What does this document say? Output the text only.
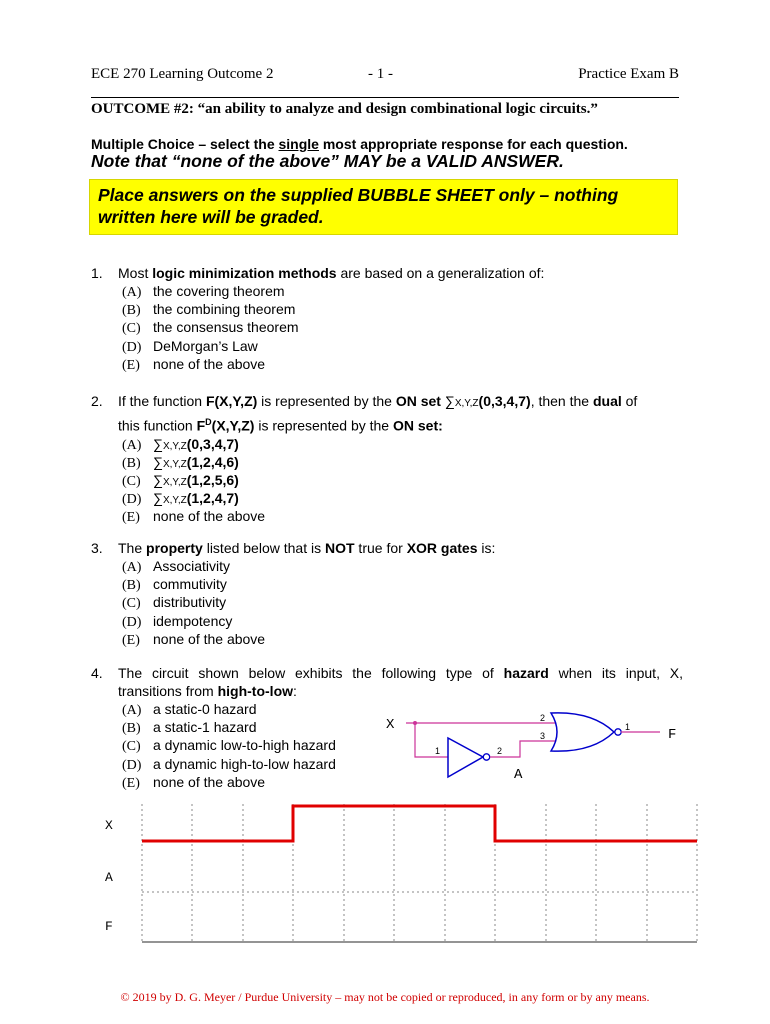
ECE 270 Learning Outcome 2	- 1 -	Practice Exam B
OUTCOME #2: “an ability to analyze and design combinational logic circuits.”
Multiple Choice – select the single most appropriate response for each question.
Note that “none of the above” MAY be a VALID ANSWER.
Place answers on the supplied BUBBLE SHEET only – nothing
written here will be graded.
1. Most logic minimization methods are based on a generalization of:
(A) the covering theorem
(B) the combining theorem
(C) the consensus theorem
(D) DeMorgan’s Law
(E) none of the above
2. If the function F(X,Y,Z) is represented by the ON set ∑X,Y,Z(0,3,4,7), then the dual of
this function $F^D(X,Y,Z)$ is represented by the ON set:
(A) ∑X,Y,Z(0,3,4,7)
(B) ∑X,Y,Z(1,2,4,6)
(C) ∑X,Y,Z(1,2,5,6)
(D) ∑X,Y,Z(1,2,4,7)
(E) none of the above
3. The property listed below that is NOT true for XOR gates is:
(A) Associativity
(B) commutivity
(C) distributivity
(D) idempotency
(E) none of the above
4. The circuit shown below exhibits the following type of hazard when its input, X,
transitions from high-to-low:
(A) a static-0 hazard
(B) a static-1 hazard
(C) a dynamic low-to-high hazard
(D) a dynamic high-to-low hazard
(E) none of the above
X
F
A
1	2
2
3
1
X
A
F
© 2019 by D. G. Meyer / Purdue University – may not be copied or reproduced, in any form or by any means.
